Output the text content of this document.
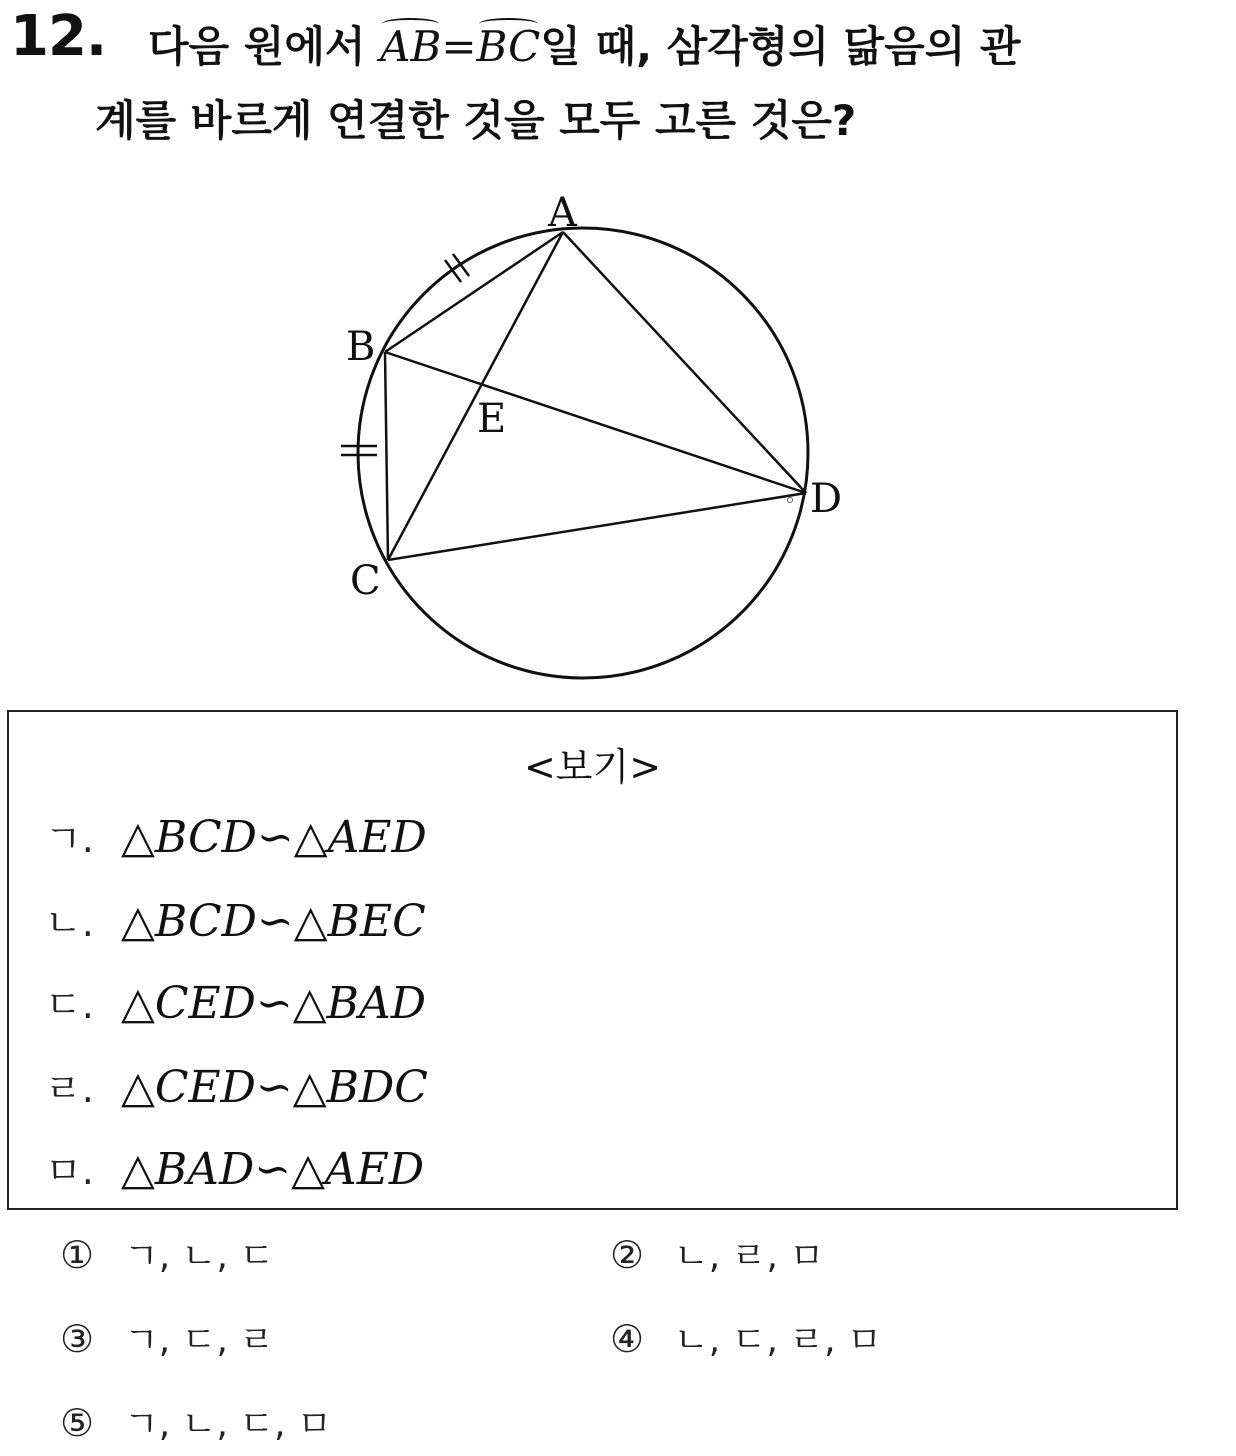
12. 다음 원에서 AB=BC일 때, 삼각형의 닮음의 관
계를 바르게 연결한 것을 모두 고른 것은?
A
B
C
D
E
<보기>
ㄱ. △BCD∽△AED
ㄴ. △BCD∽△BEC
ㄷ. △CED∽△BAD
ㄹ. △CED∽△BDC
ㅁ. △BAD∽△AED
① ㄱ, ㄴ, ㄷ	② ㄴ, ㄹ, ㅁ
③ ㄱ, ㄷ, ㄹ	④ ㄴ, ㄷ, ㄹ, ㅁ
⑤ ㄱ, ㄴ, ㄷ, ㅁ
